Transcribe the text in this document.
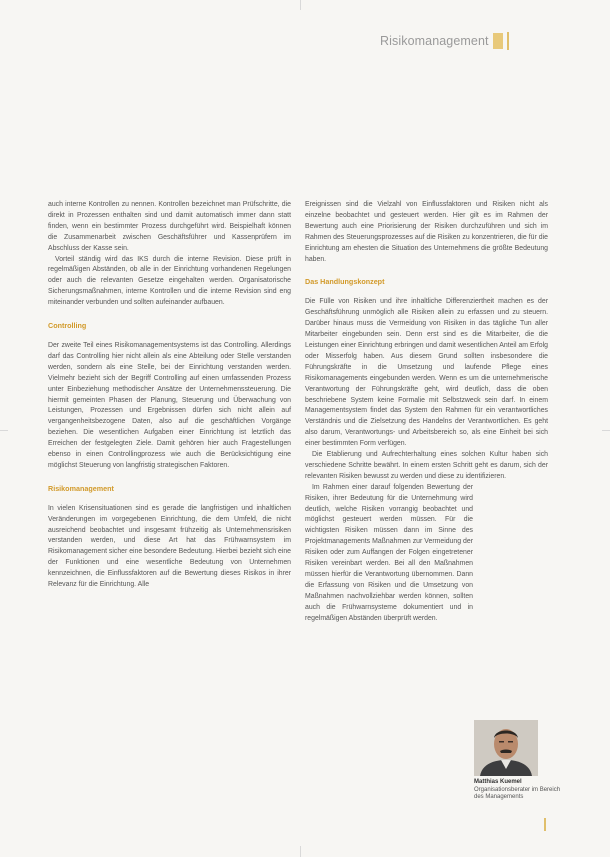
Risikomanagement

auch interne Kontrollen zu nennen. Kontrollen bezeichnet man Prüfschritte, die direkt in Prozessen enthalten sind und damit automatisch immer dann statt finden, wenn ein bestimmter Prozess durchgeführt wird. Beispielhaft können die Zusammenarbeit zwischen Geschäftsführer und Kassenprüfern im Abschluss der Kasse sein.

Vorteil ständig wird das IKS durch die interne Revision. Diese prüft in regelmäßigen Abständen, ob alle in der Einrichtung vorhandenen Regelungen oder auch die relevanten Gesetze eingehalten werden. Organisatorische Sicherungsmaßnahmen, interne Kontrollen und die interne Revision sind eng miteinander verbunden und sollten aufeinander aufbauen.

Controlling

Der zweite Teil eines Risikomanagementsystems ist das Controlling. Allerdings darf das Controlling hier nicht allein als eine Abteilung oder Stelle verstanden werden, sondern als eine Stelle, bei der Einrichtung verstanden werden. Vielmehr bezieht sich der Begriff Controlling auf einen umfassenden Prozess unter Einbeziehung methodischer Ansätze der Unternehmenssteuerung. Die hiermit gemeinten Phasen der Planung, Steuerung und Überwachung von Leistungen, Prozessen und Ergebnissen dürfen sich nicht allein auf vergangenheitsbezogene Daten, also auf die geschäftlichen Vorgänge beziehen. Die wesentlichen Aufgaben einer Einrichtung ist letztlich das Erreichen der festgelegten Ziele. Damit gehören hier auch Fragestellungen ebenso in einen Controllingprozess wie auch die Berücksichtigung eine möglichst Steuerung von langfristig strategischen Faktoren.

Risikomanagement

In vielen Krisensituationen sind es gerade die langfristigen und inhaltlichen Veränderungen im vorgegebenen Einrichtung, die dem Umfeld, die nicht ausreichend beobachtet und insgesamt frühzeitig als Unternehmensrisiken verstanden werden, und diese Art hat das Frühwarnsystem im Risikomanagement sicher eine besondere Bedeutung. Hierbei bezieht sich eine der Funktionen und eine wesentliche Bedeutung von Unternehmen kennzeichnen, die Einflussfaktoren auf die Bewertung dieses Risikos in ihrer Relevanz für die Einrichtung. Alle

Ereignissen sind die Vielzahl von Einflussfaktoren und Risiken nicht als einzelne beobachtet und gesteuert werden. Hier gilt es im Rahmen der Bewertung auch eine Priorisierung der Risiken durchzuführen und sich im Rahmen des Steuerungsprozesses auf die Risiken zu konzentrieren, die für die Einrichtung am ehesten die Situation des Unternehmens die größte Bedeutung haben.

Das Handlungskonzept

Die Fülle von Risiken und ihre inhaltliche Differenziertheit machen es der Geschäftsführung unmöglich alle Risiken allein zu erfassen und zu steuern. Darüber hinaus muss die Vermeidung von Risiken in das tägliche Tun aller Mitarbeiter eingebunden sein. Denn erst sind es die Mitarbeiter, die die Leistungen einer Einrichtung erbringen und damit wesentlichen Anteil am Erfolg oder Misserfolg haben. Aus diesem Grund sollten insbesondere die Führungskräfte in die Umsetzung und laufende Pflege eines Risikomanagements eingebunden werden. Wenn es um die unternehmerische Verantwortung der Führungskräfte geht, wird deutlich, dass die oben beschriebene System keine Formalie mit Selbstzweck sein darf. In einem Managementsystem findet das System den Rahmen für ein verantwortliches Verständnis und die Zielsetzung des Handelns der Verantwortlichen. Es geht also darum, Verantwortungs- und Arbeitsbereich so, als eine Einheit bei sich einer bestimmten Form verfügen.

Die Etablierung und Aufrechterhaltung eines solchen Kultur haben sich verschiedene Schritte bewährt. In einem ersten Schritt geht es darum, sich der relevanten Risiken bewusst zu werden und diese zu identifizieren.

Im Rahmen einer darauf folgenden Bewertung der Risiken, ihrer Bedeutung für die Unternehmung wird deutlich, welche Risiken vorrangig beobachtet und möglichst gesteuert werden müssen. Für die wichtigsten Risiken müssen dann im Sinne des Projektmanagements Maßnahmen zur Vermeidung der Risiken oder zum Auffangen der Folgen eingetretener Risiken vereinbart werden. Bei all den Maßnahmen müssen hierfür die Verantwortung übernommen. Dann die Erfassung von Risiken und die Umsetzung von Maßnahmen nachvollziehbar werden können, sollten auch die Frühwarnsysteme dokumentiert und in regelmäßigen Abständen überprüft werden.

Matthias Kuemel
Organisationsberater im Bereich des Managements
